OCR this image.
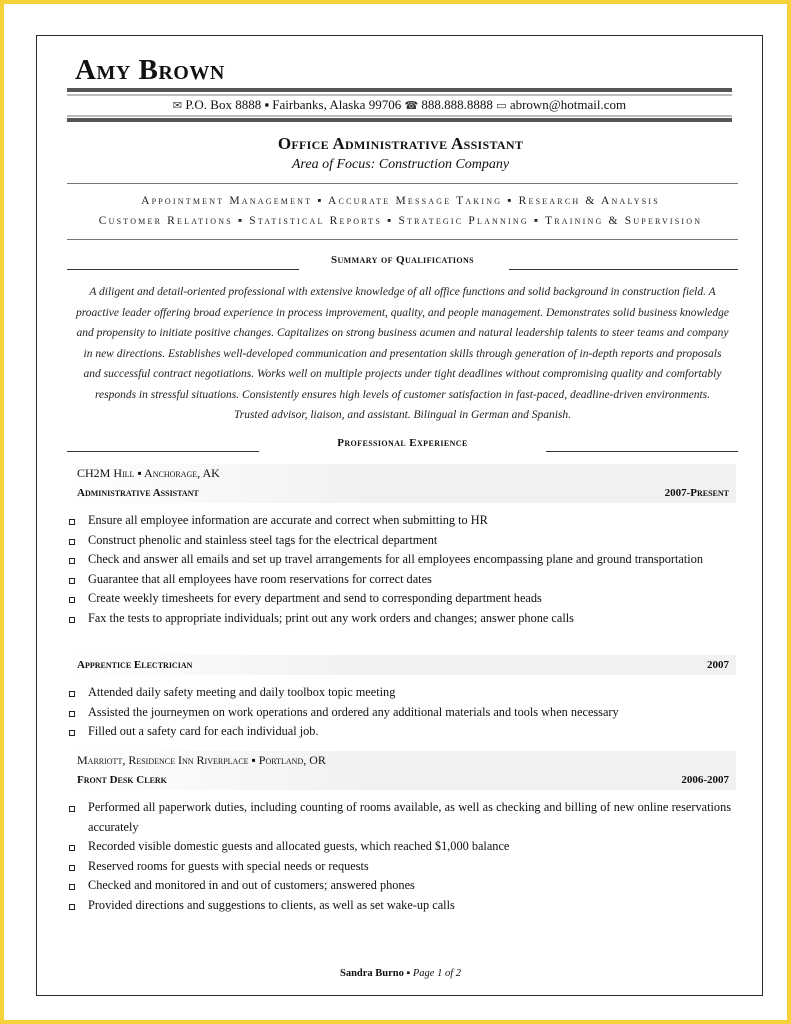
Amy Brown
✉ P.O. Box 8888 ▪ Fairbanks, Alaska 99706 ☎ 888.888.8888 ▭ abrown@hotmail.com
Office Administrative Assistant
Area of Focus: Construction Company
Appointment Management ▪ Accurate Message Taking ▪ Research & Analysis
Customer Relations ▪ Statistical Reports ▪ Strategic Planning ▪ Training & Supervision
Summary of Qualifications
A diligent and detail-oriented professional with extensive knowledge of all office functions and solid background in construction field. A
proactive leader offering broad experience in process improvement, quality, and people management. Demonstrates solid business knowledge
and propensity to initiate positive changes. Capitalizes on strong business acumen and natural leadership talents to steer teams and company
in new directions. Establishes well-developed communication and presentation skills through generation of in-depth reports and proposals
and successful contract negotiations. Works well on multiple projects under tight deadlines without compromising quality and comfortably
responds in stressful situations. Consistently ensures high levels of customer satisfaction in fast-paced, deadline-driven environments.
Trusted advisor, liaison, and assistant. Bilingual in German and Spanish.
Professional Experience
CH2M Hill ▪ Anchorage, AK
Administrative Assistant	2007-Present
Ensure all employee information are accurate and correct when submitting to HR
Construct phenolic and stainless steel tags for the electrical department
Check and answer all emails and set up travel arrangements for all employees encompassing plane and ground transportation
Guarantee that all employees have room reservations for correct dates
Create weekly timesheets for every department and send to corresponding department heads
Fax the tests to appropriate individuals; print out any work orders and changes; answer phone calls
Apprentice Electrician	2007
Attended daily safety meeting and daily toolbox topic meeting
Assisted the journeymen on work operations and ordered any additional materials and tools when necessary
Filled out a safety card for each individual job.
Marriott, Residence Inn Riverplace ▪ Portland, OR
Front Desk Clerk	2006-2007
Performed all paperwork duties, including counting of rooms available, as well as checking and billing of new online reservations accurately
Recorded visible domestic guests and allocated guests, which reached $1,000 balance
Reserved rooms for guests with special needs or requests
Checked and monitored in and out of customers; answered phones
Provided directions and suggestions to clients, as well as set wake-up calls
Sandra Burno ▪ Page 1 of 2
